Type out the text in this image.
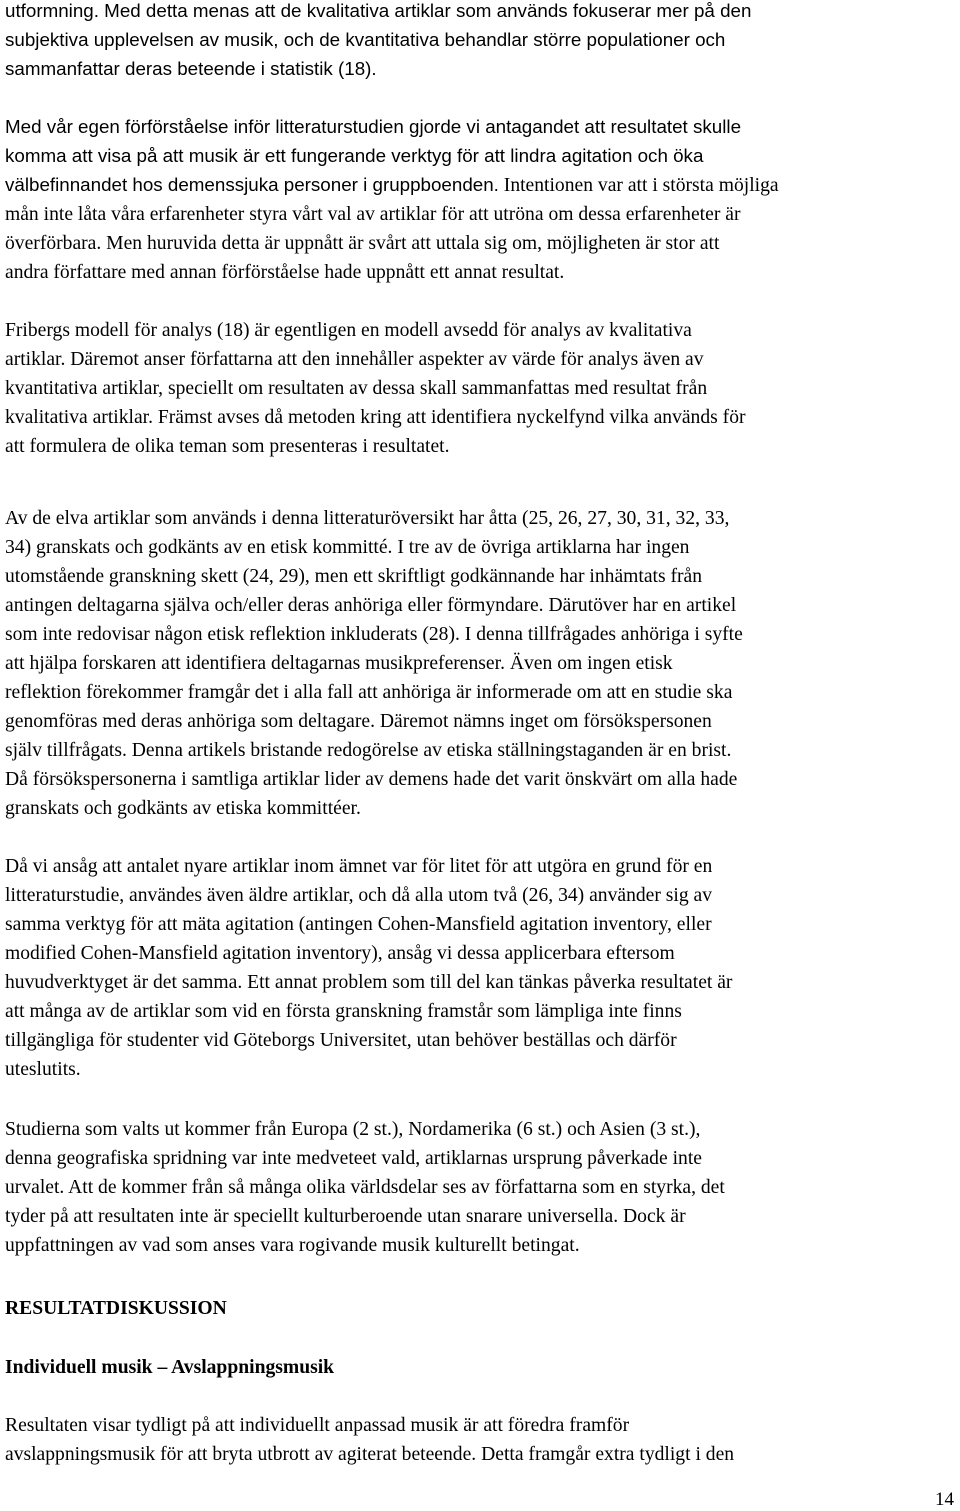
utformning. Med detta menas att de kvalitativa artiklar som används fokuserar mer på den
subjektiva upplevelsen av musik, och de kvantitativa behandlar större populationer och
sammanfattar deras beteende i statistik (18).
Med vår egen förförståelse inför litteraturstudien gjorde vi antagandet att resultatet skulle
komma att visa på att musik är ett fungerande verktyg för att lindra agitation och öka
välbefinnandet hos demenssjuka personer i gruppboenden. Intentionen var att i största möjliga
mån inte låta våra erfarenheter styra vårt val av artiklar för att utröna om dessa erfarenheter är
överförbara. Men huruvida detta är uppnått är svårt att uttala sig om, möjligheten är stor att
andra författare med annan förförståelse hade uppnått ett annat resultat.
Fribergs modell för analys (18) är egentligen en modell avsedd för analys av kvalitativa
artiklar. Däremot anser författarna att den innehåller aspekter av värde för analys även av
kvantitativa artiklar, speciellt om resultaten av dessa skall sammanfattas med resultat från
kvalitativa artiklar. Främst avses då metoden kring att identifiera nyckelfynd vilka används för
att formulera de olika teman som presenteras i resultatet.
Av de elva artiklar som används i denna litteraturöversikt har åtta (25, 26, 27, 30, 31, 32, 33,
34) granskats och godkänts av en etisk kommitté. I tre av de övriga artiklarna har ingen
utomstående granskning skett (24, 29), men ett skriftligt godkännande har inhämtats från
antingen deltagarna själva och/eller deras anhöriga eller förmyndare. Därutöver har en artikel
som inte redovisar någon etisk reflektion inkluderats (28). I denna tillfrågades anhöriga i syfte
att hjälpa forskaren att identifiera deltagarnas musikpreferenser. Även om ingen etisk
reflektion förekommer framgår det i alla fall att anhöriga är informerade om att en studie ska
genomföras med deras anhöriga som deltagare. Däremot nämns inget om försökspersonen
själv tillfrågats. Denna artikels bristande redogörelse av etiska ställningstaganden är en brist.
Då försökspersonerna i samtliga artiklar lider av demens hade det varit önskvärt om alla hade
granskats och godkänts av etiska kommittéer.
Då vi ansåg att antalet nyare artiklar inom ämnet var för litet för att utgöra en grund för en
litteraturstudie, användes även äldre artiklar, och då alla utom två (26, 34) använder sig av
samma verktyg för att mäta agitation (antingen Cohen-Mansfield agitation inventory, eller
modified Cohen-Mansfield agitation inventory), ansåg vi dessa applicerbara eftersom
huvudverktyget är det samma. Ett annat problem som till del kan tänkas påverka resultatet är
att många av de artiklar som vid en första granskning framstår som lämpliga inte finns
tillgängliga för studenter vid Göteborgs Universitet, utan behöver beställas och därför
uteslutits.
Studierna som valts ut kommer från Europa (2 st.), Nordamerika (6 st.) och Asien (3 st.),
denna geografiska spridning var inte medveteet vald, artiklarnas ursprung påverkade inte
urvalet. Att de kommer från så många olika världsdelar ses av författarna som en styrka, det
tyder på att resultaten inte är speciellt kulturberoende utan snarare universella. Dock är
uppfattningen av vad som anses vara rogivande musik kulturellt betingat.
RESULTATDISKUSSION
Individuell musik – Avslappningsmusik
Resultaten visar tydligt på att individuellt anpassad musik är att föredra framför
avslappningsmusik för att bryta utbrott av agiterat beteende. Detta framgår extra tydligt i den
14
